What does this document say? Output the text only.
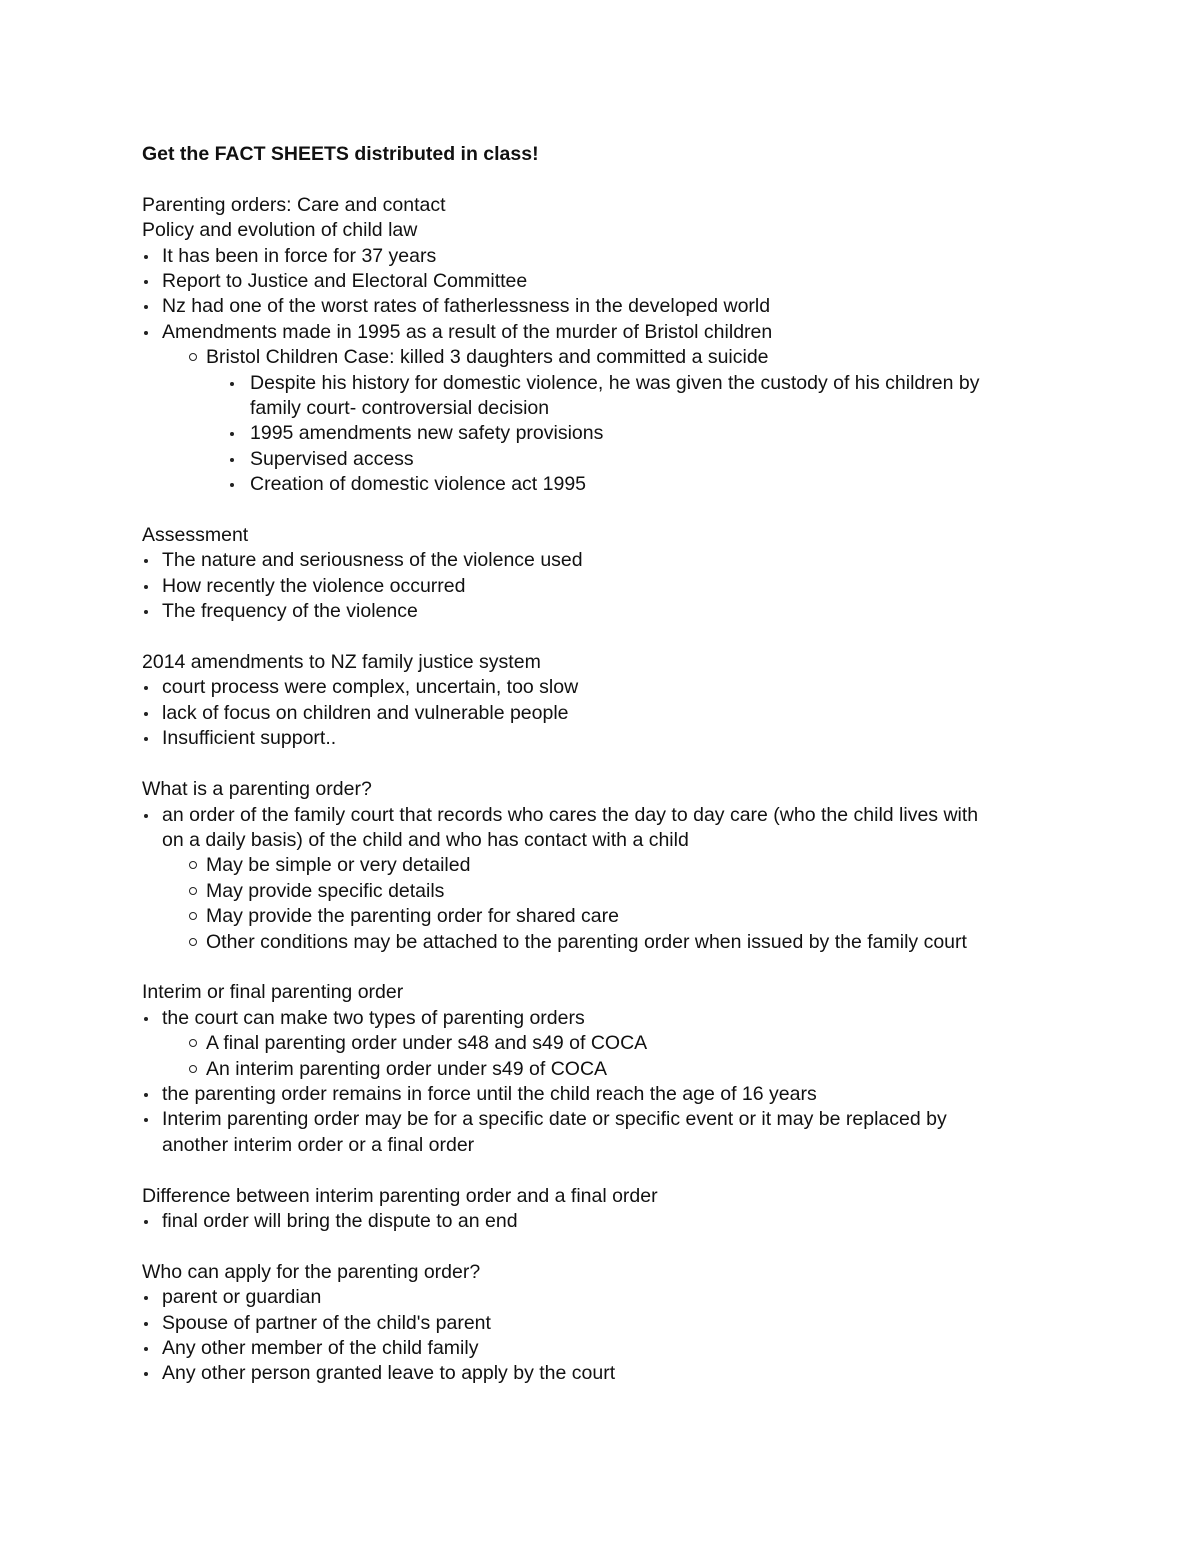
Get the FACT SHEETS distributed in class!
Parenting orders: Care and contact
Policy and evolution of child law
It has been in force for 37 years
Report to Justice and Electoral Committee
Nz had one of the worst rates of fatherlessness in the developed world
Amendments made in 1995 as a result of the murder of Bristol children
Bristol Children Case: killed 3 daughters and committed a suicide
Despite his history for domestic violence, he was given the custody of his children by
family court- controversial decision
1995 amendments new safety provisions
Supervised access
Creation of domestic violence act 1995
Assessment
The nature and seriousness of the violence used
How recently the violence occurred
The frequency of the violence
2014 amendments to NZ family justice system
court process were complex, uncertain, too slow
lack of focus on children and vulnerable people
Insufficient support..
What is a parenting order?
an order of the family court that records who cares the day to day care (who the child lives with
on a daily basis) of the child and who has contact with a child
May be simple or very detailed
May provide specific details
May provide the parenting order for shared care
Other conditions may be attached to the parenting order when issued by the family court
Interim or final parenting order
the court can make two types of parenting orders
A final parenting order under s48 and s49 of COCA
An interim parenting order under s49 of COCA
the parenting order remains in force until the child reach the age of 16 years
Interim parenting order may be for a specific date or specific event or it may be replaced by
another interim order or a final order
Difference between interim parenting order and a final order
final order will bring the dispute to an end
Who can apply for the parenting order?
parent or guardian
Spouse of partner of the child's parent
Any other member of the child family
Any other person granted leave to apply by the court
